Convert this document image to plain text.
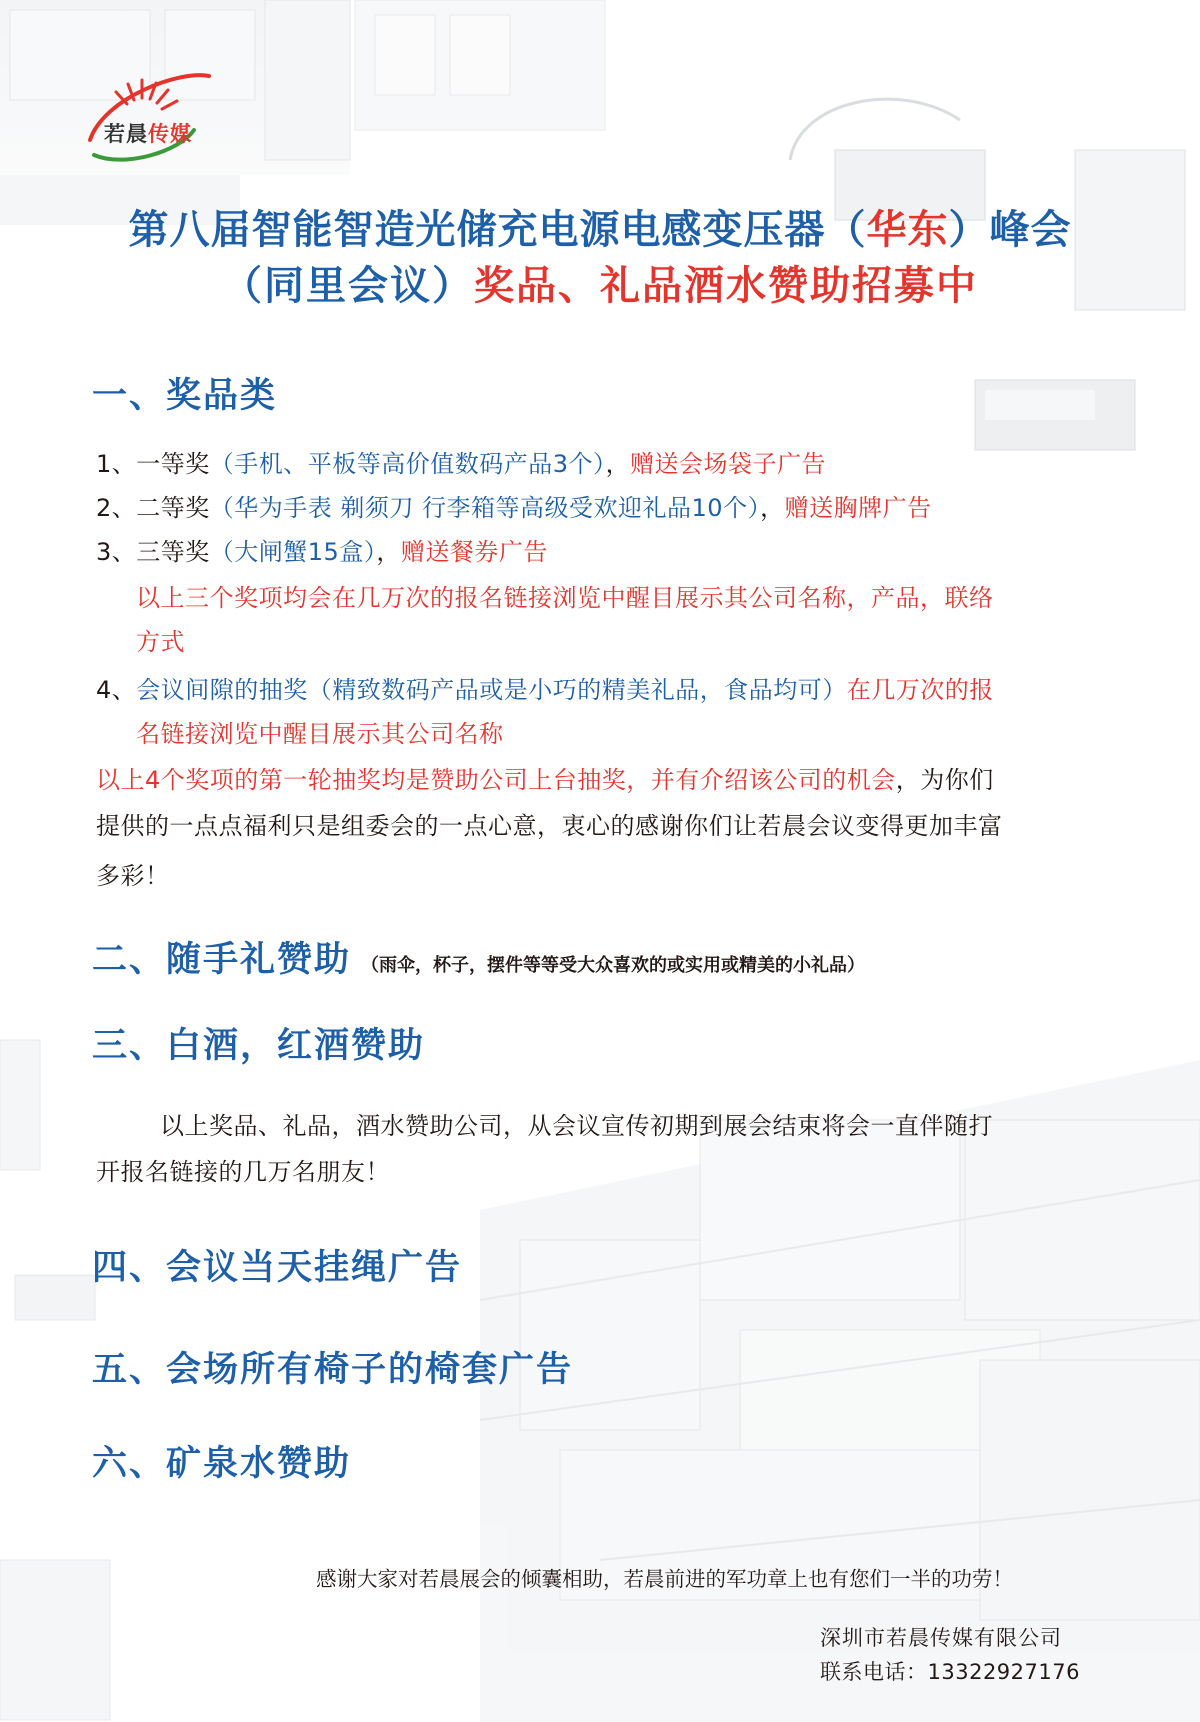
若晨传媒
第八届智能智造光储充电源电感变压器（华东）峰会
（同里会议）奖品、礼品酒水赞助招募中
一、奖品类
1、一等奖（手机、平板等高价值数码产品3个），赠送会场袋子广告
2、二等奖（华为手表 剃须刀 行李箱等高级受欢迎礼品10个），赠送胸牌广告
3、三等奖（大闸蟹15盒），赠送餐券广告
以上三个奖项均会在几万次的报名链接浏览中醒目展示其公司名称，产品，联络
方式
4、会议间隙的抽奖（精致数码产品或是小巧的精美礼品，食品均可）在几万次的报
名链接浏览中醒目展示其公司名称
以上4个奖项的第一轮抽奖均是赞助公司上台抽奖，并有介绍该公司的机会，为你们
提供的一点点福利只是组委会的一点心意，衷心的感谢你们让若晨会议变得更加丰富
多彩！
二、随手礼赞助 （雨伞，杯子，摆件等等受大众喜欢的或实用或精美的小礼品）
三、白酒，红酒赞助
以上奖品、礼品，酒水赞助公司，从会议宣传初期到展会结束将会一直伴随打
开报名链接的几万名朋友！
四、会议当天挂绳广告
五、会场所有椅子的椅套广告
六、矿泉水赞助
感谢大家对若晨展会的倾囊相助，若晨前进的军功章上也有您们一半的功劳！
深圳市若晨传媒有限公司
联系电话：13322927176
